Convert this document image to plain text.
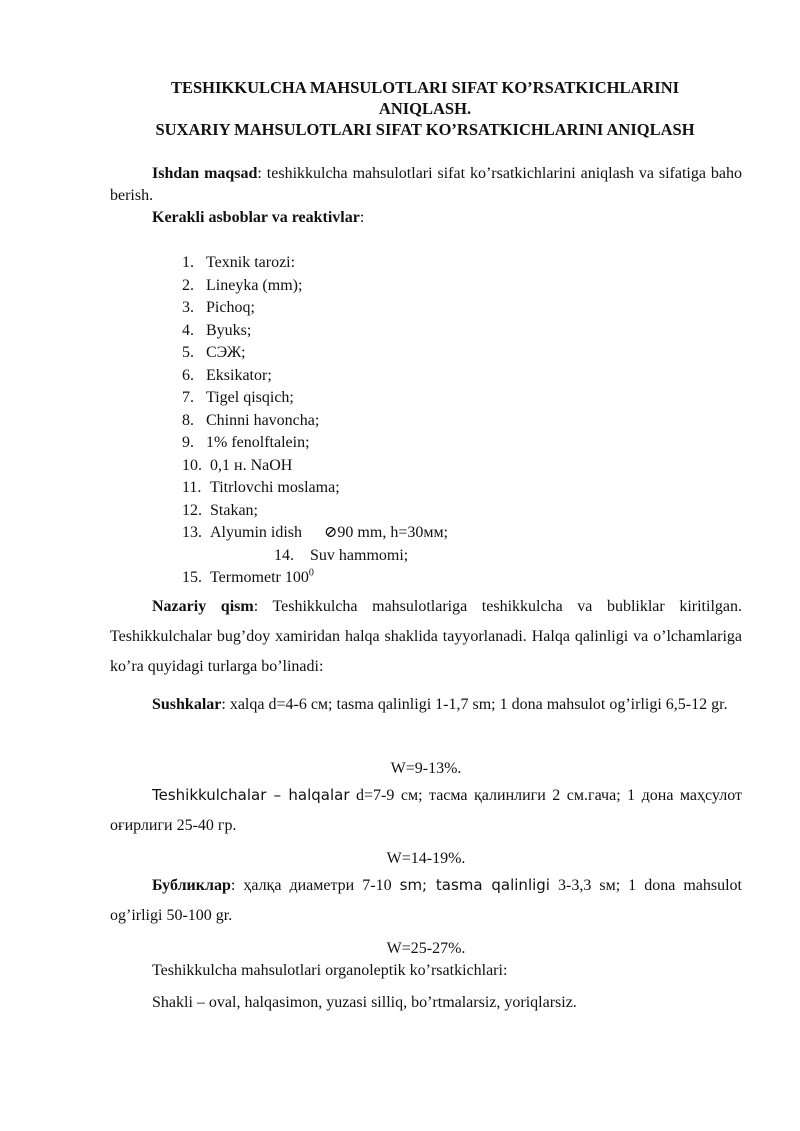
TESHIKKULCHA MAHSULOTLARI SIFAT KO’RSATKICHLARINI
ANIQLASH.
SUXARIY MAHSULOTLARI SIFAT KO’RSATKICHLARINI ANIQLASH
Ishdan maqsad: teshikkulcha mahsulotlari sifat ko’rsatkichlarini aniqlash va sifatiga baho berish.
Kerakli asboblar va reaktivlar:
1. Texnik tarozi:
2. Lineyka (mm);
3. Pichoq;
4. Byuks;
5. СЭЖ;
6. Eksikator;
7. Tigel qisqich;
8. Chinni havoncha;
9. 1% fenolftalein;
10. 0,1 н. NaOH
11. Titrlovchi moslama;
12. Stakan;
13. Alyumin idish ⊘90 mm, h=30мм;
14. Suv hammomi;
15. Termometr $100^0$
Nazariy qism: Teshikkulcha mahsulotlariga teshikkulcha va bubliklar kiritilgan. Teshikkulchalar bug’doy xamiridan halqa shaklida tayyorlanadi. Halqa qalinligi va o’lchamlariga ko’ra quyidagi turlarga bo’linadi:
Sushkalar: xalqa d=4-6 см; tasma qalinligi 1-1,7 sm; 1 dona mahsulot og’irligi 6,5-12 gr.
W=9-13%.
Teshikkulchalar – halqalar d=7-9 см; тасма қалинлиги 2 см.гача; 1 дона маҳсулот оғирлиги 25-40 гр.
W=14-19%.
Бубликлар: ҳалқа диаметри 7-10 sm; tasma qalinligi 3-3,3 sм; 1 dona mahsulot og’irligi 50-100 gr.
W=25-27%.
Teshikkulcha mahsulotlari organoleptik ko’rsatkichlari:
Shakli – oval, halqasimon, yuzasi silliq, bo’rtmalarsiz, yoriqlarsiz.
